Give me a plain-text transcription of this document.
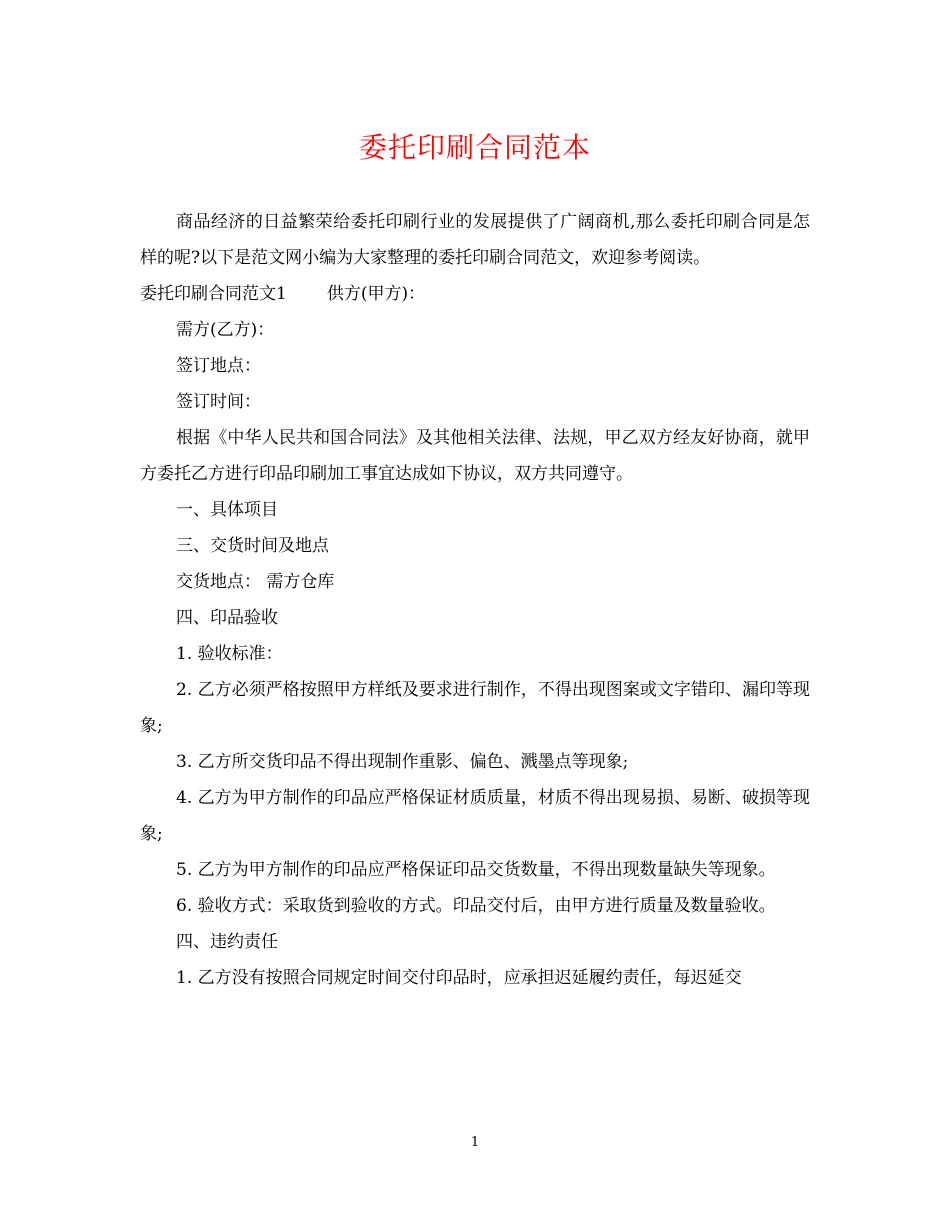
委托印刷合同范本

商品经济的日益繁荣给委托印刷行业的发展提供了广阔商机,那么委托印刷合同是怎样的呢?以下是范文网小编为大家整理的委托印刷合同范文，欢迎参考阅读。

委托印刷合同范文1 供方(甲方)：

需方(乙方)：

签订地点：

签订时间：

根据《中华人民共和国合同法》及其他相关法律、法规，甲乙双方经友好协商，就甲方委托乙方进行印品印刷加工事宜达成如下协议，双方共同遵守。

一、具体项目

三、交货时间及地点

交货地点： 需方仓库

四、印品验收

1. 验收标准：

2. 乙方必须严格按照甲方样纸及要求进行制作，不得出现图案或文字错印、漏印等现象;

3. 乙方所交货印品不得出现制作重影、偏色、溅墨点等现象;

4. 乙方为甲方制作的印品应严格保证材质质量，材质不得出现易损、易断、破损等现象;

5. 乙方为甲方制作的印品应严格保证印品交货数量，不得出现数量缺失等现象。

6. 验收方式：采取货到验收的方式。印品交付后，由甲方进行质量及数量验收。

四、违约责任

1. 乙方没有按照合同规定时间交付印品时，应承担迟延履约责任，每迟延交

1
